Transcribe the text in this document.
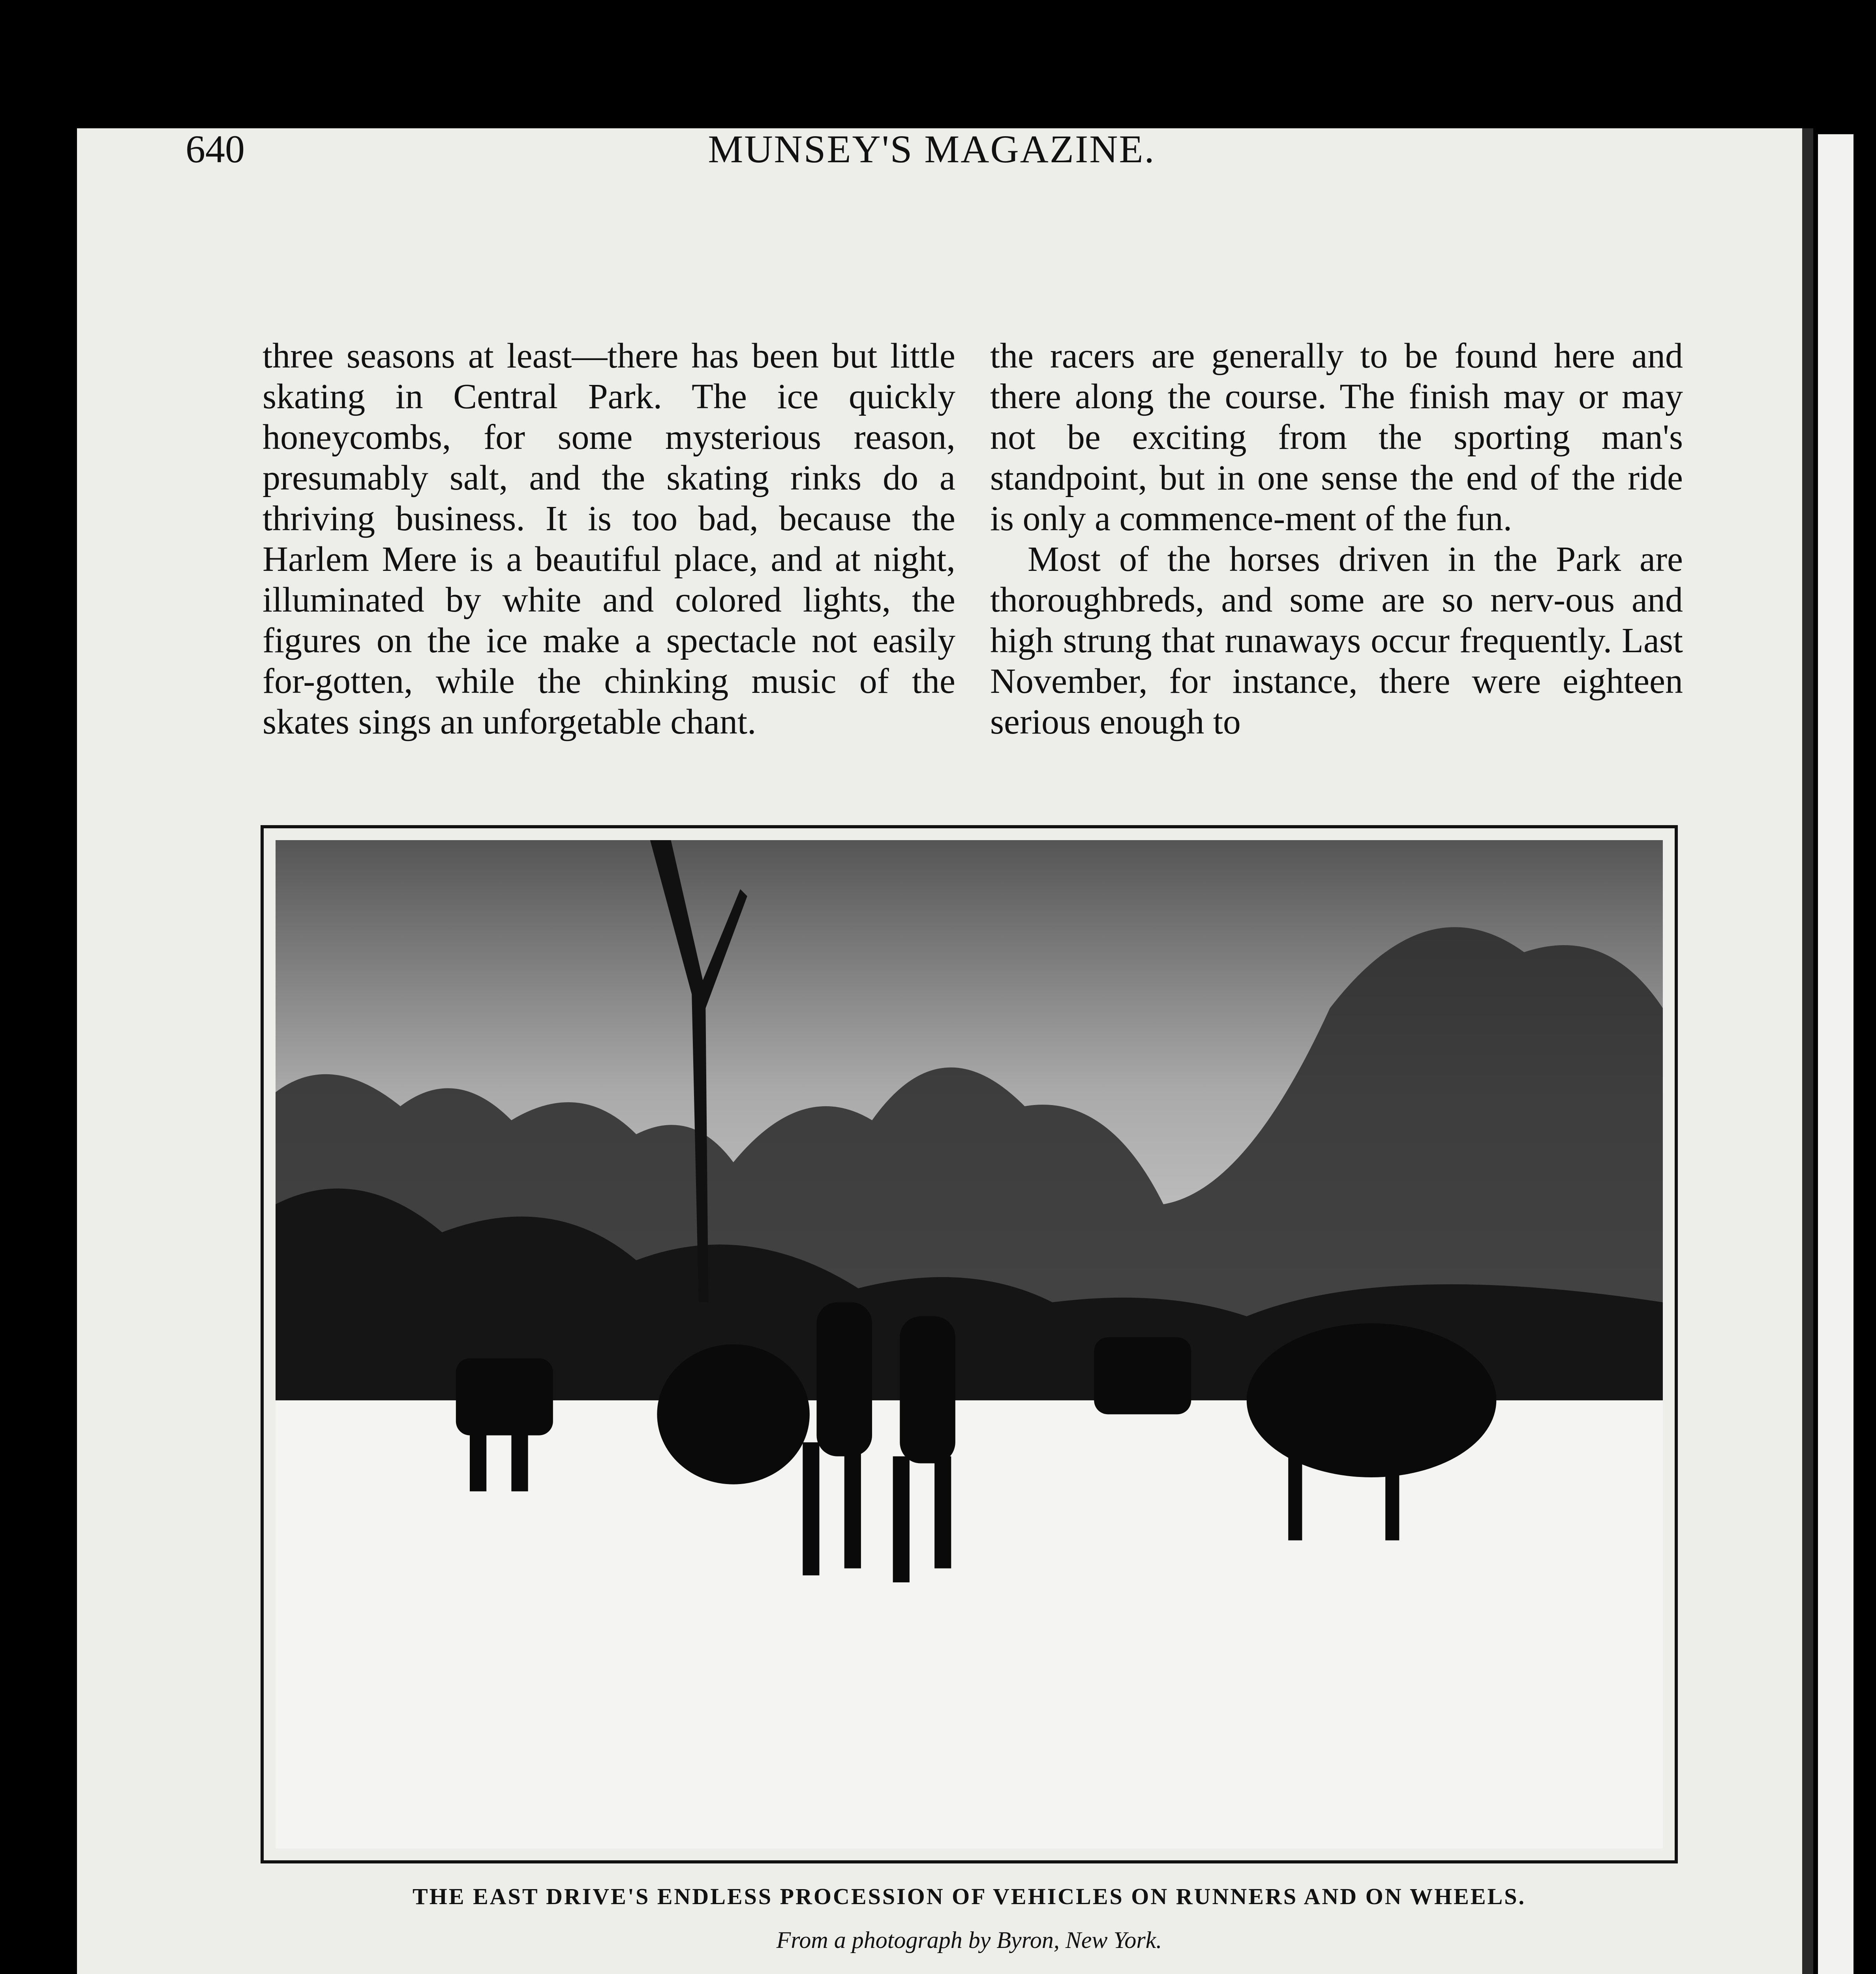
640	MUNSEY'S MAGAZINE.

three seasons at least—there has been but little skating in Central Park. The ice quickly honeycombs, for some mysterious reason, presumably salt, and the skating rinks do a thriving business. It is too bad, because the Harlem Mere is a beautiful place, and at night, illuminated by white and colored lights, the figures on the ice make a spectacle not easily for-gotten, while the chinking music of the skates sings an unforgetable chant.

the racers are generally to be found here and there along the course. The finish may or may not be exciting from the sporting man's standpoint, but in one sense the end of the ride is only a commence-ment of the fun.

Most of the horses driven in the Park are thoroughbreds, and some are so nerv-ous and high strung that runaways occur frequently. Last November, for instance, there were eighteen serious enough to

THE EAST DRIVE'S ENDLESS PROCESSION OF VEHICLES ON RUNNERS AND ON WHEELS.
From a photograph by Byron, New York.
